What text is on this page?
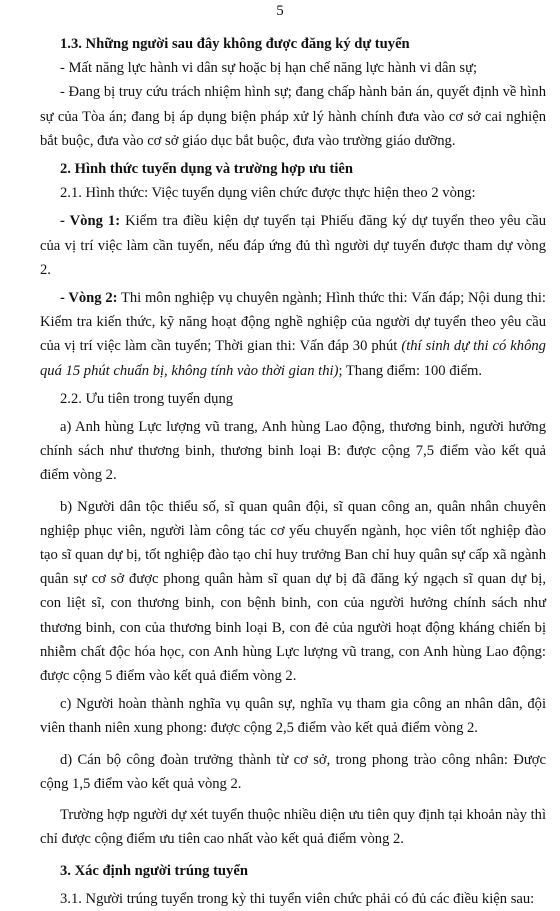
5

1.3. Những người sau đây không được đăng ký dự tuyển

- Mất năng lực hành vi dân sự hoặc bị hạn chế năng lực hành vi dân sự;

- Đang bị truy cứu trách nhiệm hình sự; đang chấp hành bản án, quyết định về hình sự của Tòa án; đang bị áp dụng biện pháp xử lý hành chính đưa vào cơ sở cai nghiện bắt buộc, đưa vào cơ sở giáo dục bắt buộc, đưa vào trường giáo dưỡng.

2. Hình thức tuyển dụng và trường hợp ưu tiên

2.1. Hình thức: Việc tuyển dụng viên chức được thực hiện theo 2 vòng:

- Vòng 1: Kiểm tra điều kiện dự tuyển tại Phiếu đăng ký dự tuyển theo yêu cầu của vị trí việc làm cần tuyển, nếu đáp ứng đủ thì người dự tuyển được tham dự vòng 2.

- Vòng 2: Thi môn nghiệp vụ chuyên ngành; Hình thức thi: Vấn đáp; Nội dung thi: Kiểm tra kiến thức, kỹ năng hoạt động nghề nghiệp của người dự tuyển theo yêu cầu của vị trí việc làm cần tuyển; Thời gian thi: Vấn đáp 30 phút (thí sinh dự thi có không quá 15 phút chuẩn bị, không tính vào thời gian thi); Thang điểm: 100 điểm.

2.2. Ưu tiên trong tuyển dụng

a) Anh hùng Lực lượng vũ trang, Anh hùng Lao động, thương binh, người hưởng chính sách như thương binh, thương binh loại B: được cộng 7,5 điểm vào kết quả điểm vòng 2.

b) Người dân tộc thiểu số, sĩ quan quân đội, sĩ quan công an, quân nhân chuyên nghiệp phục viên, người làm công tác cơ yếu chuyển ngành, học viên tốt nghiệp đào tạo sĩ quan dự bị, tốt nghiệp đào tạo chỉ huy trưởng Ban chỉ huy quân sự cấp xã ngành quân sự cơ sở được phong quân hàm sĩ quan dự bị đã đăng ký ngạch sĩ quan dự bị, con liệt sĩ, con thương binh, con bệnh binh, con của người hưởng chính sách như thương binh, con của thương binh loại B, con đẻ của người hoạt động kháng chiến bị nhiễm chất độc hóa học, con Anh hùng Lực lượng vũ trang, con Anh hùng Lao động: được cộng 5 điểm vào kết quả điểm vòng 2.

c) Người hoàn thành nghĩa vụ quân sự, nghĩa vụ tham gia công an nhân dân, đội viên thanh niên xung phong: được cộng 2,5 điểm vào kết quả điểm vòng 2.

d) Cán bộ công đoàn trưởng thành từ cơ sở, trong phong trào công nhân: Được cộng 1,5 điểm vào kết quả vòng 2.

Trường hợp người dự xét tuyển thuộc nhiều diện ưu tiên quy định tại khoản này thì chỉ được cộng điểm ưu tiên cao nhất vào kết quả điểm vòng 2.

3. Xác định người trúng tuyển

3.1. Người trúng tuyển trong kỳ thi tuyển viên chức phải có đủ các điều kiện sau:
